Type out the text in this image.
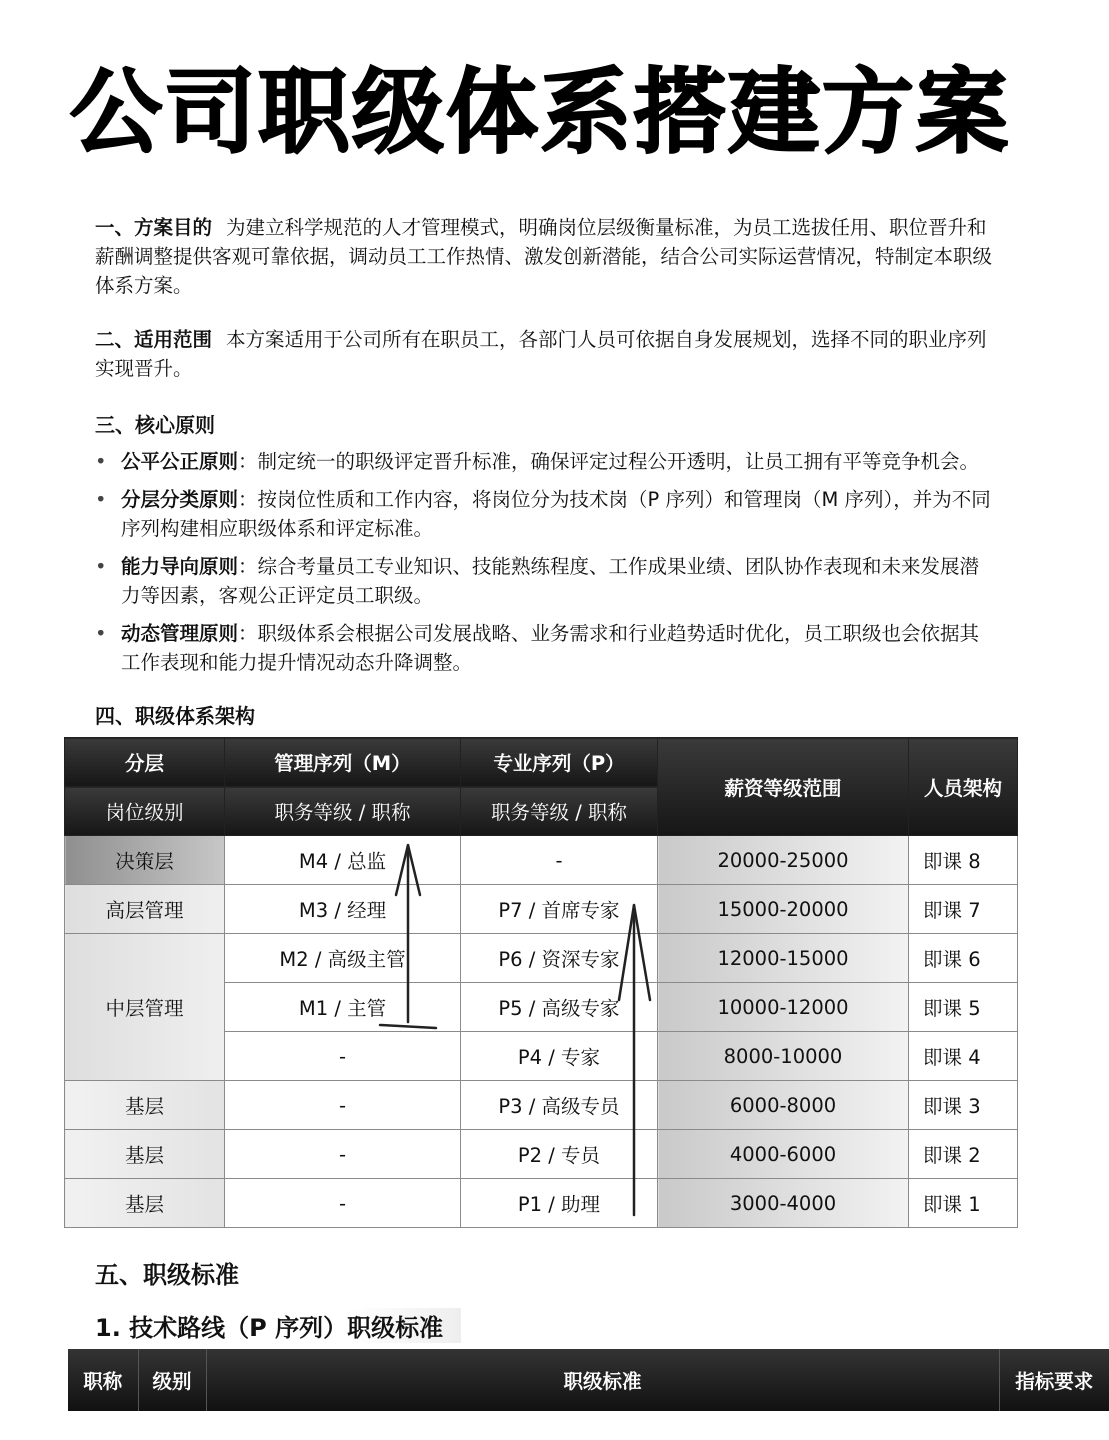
公司职级体系搭建方案
一、方案目的 为建立科学规范的人才管理模式，明确岗位层级衡量标准，为员工选拔任用、职位晋升和薪酬调整提供客观可靠依据，调动员工工作热情、激发创新潜能，结合公司实际运营情况，特制定本职级体系方案。
二、适用范围 本方案适用于公司所有在职员工，各部门人员可依据自身发展规划，选择不同的职业序列实现晋升。
三、核心原则
• 公平公正原则：制定统一的职级评定晋升标准，确保评定过程公开透明，让员工拥有平等竞争机会。
• 分层分类原则：按岗位性质和工作内容，将岗位分为技术岗（P 序列）和管理岗（M 序列），并为不同序列构建相应职级体系和评定标准。
• 能力导向原则：综合考量员工专业知识、技能熟练程度、工作成果业绩、团队协作表现和未来发展潜力等因素，客观公正评定员工职级。
• 动态管理原则：职级体系会根据公司发展战略、业务需求和行业趋势适时优化，员工职级也会依据其工作表现和能力提升情况动态升降调整。
四、职级体系架构
分层	管理序列（M）	专业序列（P）	薪资等级范围	人员架构
岗位级别	职务等级 / 职称	职务等级 / 职称		
决策层	M4 / 总监	-	20000-25000	即课 8
高层管理	M3 / 经理	P7 / 首席专家	15000-20000	即课 7
中层管理	M2 / 高级主管	P6 / 资深专家	12000-15000	即课 6
	M1 / 主管	P5 / 高级专家	10000-12000	即课 5
	-	P4 / 专家	8000-10000	即课 4
基层	-	P3 / 高级专员	6000-8000	即课 3
基层	-	P2 / 专员	4000-6000	即课 2
基层	-	P1 / 助理	3000-4000	即课 1
五、职级标准
1. 技术路线（P 序列）职级标准
职称	级别	职级标准	指标要求
